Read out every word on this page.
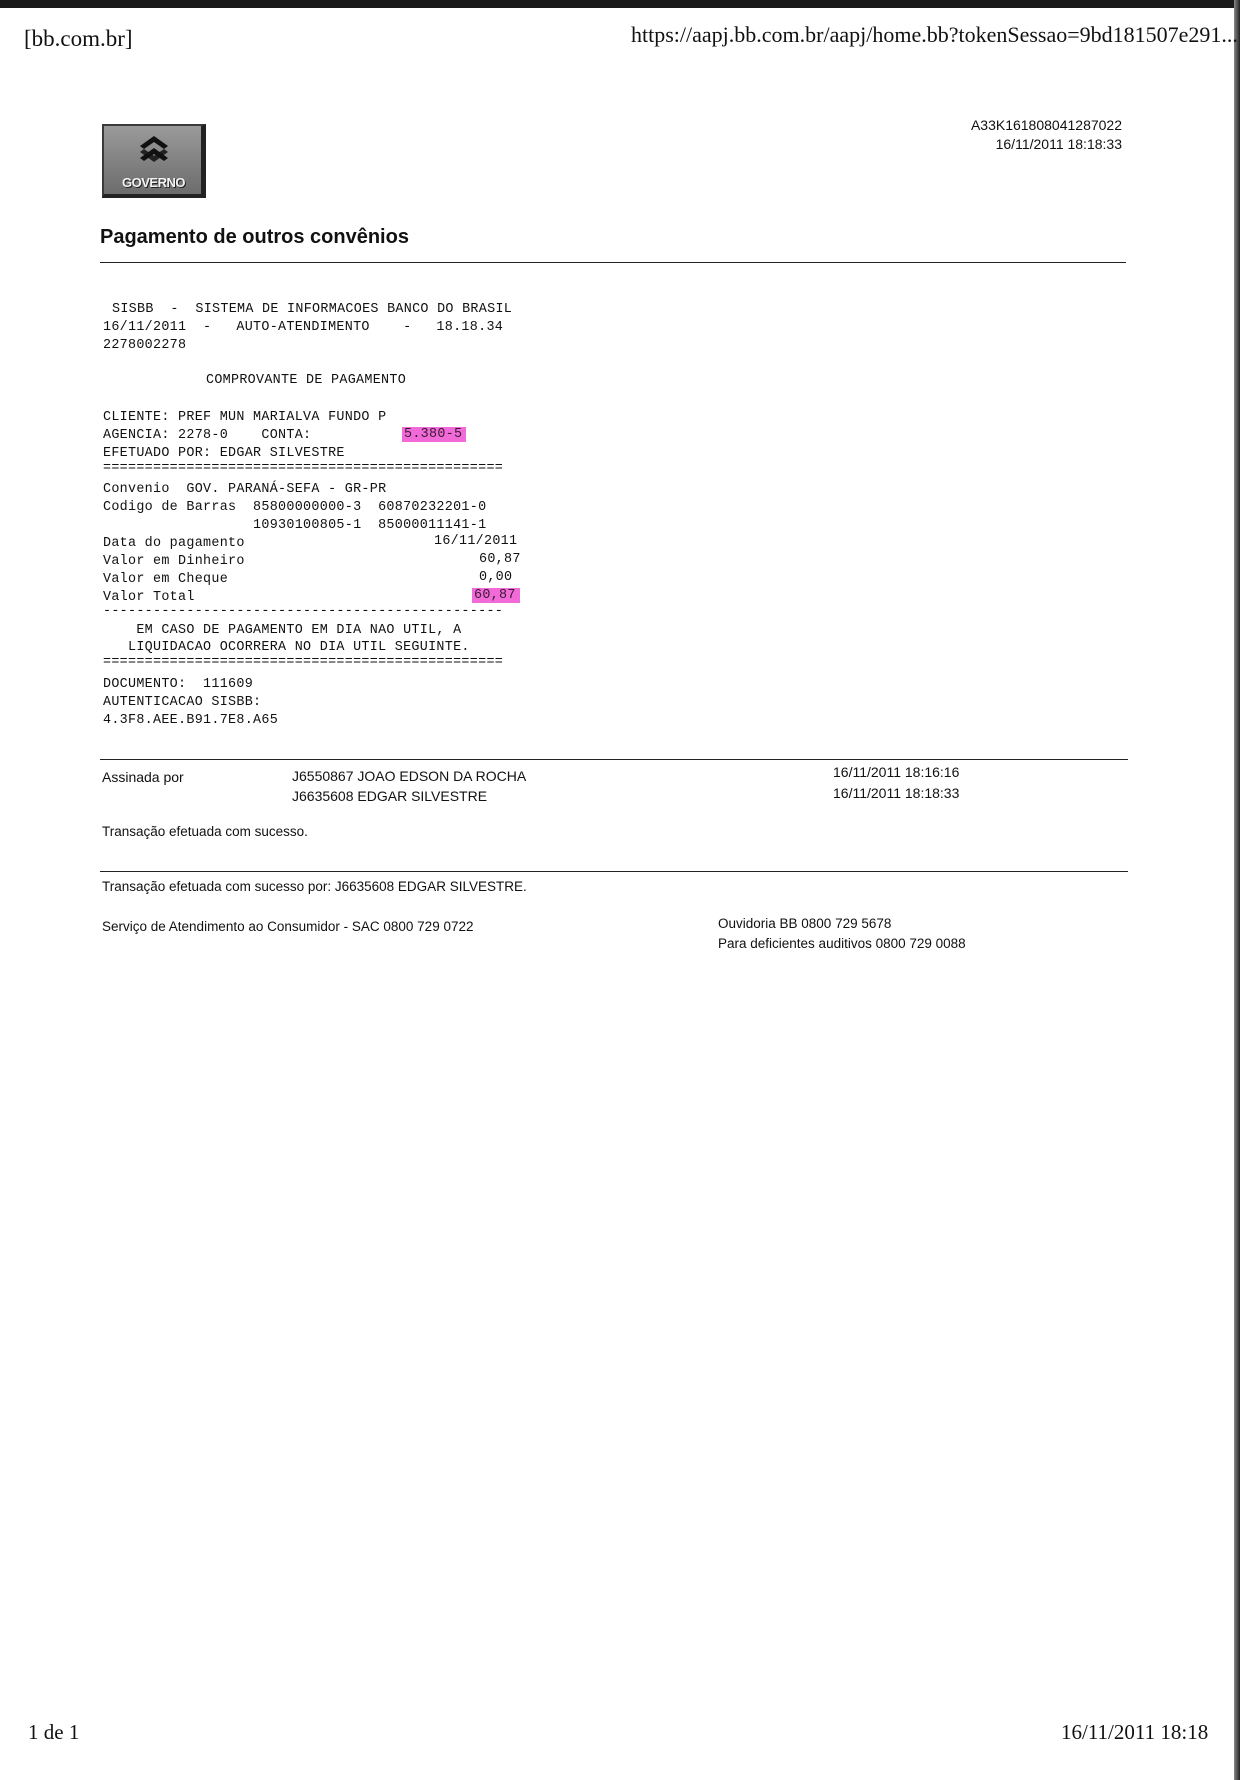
[bb.com.br]	https://aapj.bb.com.br/aapj/home.bb?tokenSessao=9bd181507e291...
GOVERNO
A33K161808041287022
16/11/2011 18:18:33
Pagamento de outros convênios
SISBB  -  SISTEMA DE INFORMACOES BANCO DO BRASIL
16/11/2011  -   AUTO-ATENDIMENTO    -   18.18.34
2278002278
COMPROVANTE DE PAGAMENTO
CLIENTE: PREF MUN MARIALVA FUNDO P
AGENCIA: 2278-0    CONTA:	5.380-5
EFETUADO POR: EDGAR SILVESTRE
================================================
Convenio  GOV. PARANÁ-SEFA - GR-PR
Codigo de Barras  85800000000-3  60870232201-0
10930100805-1  85000011141-1
Data do pagamento	16/11/2011
Valor em Dinheiro	60,87
Valor em Cheque	0,00
Valor Total	60,87
------------------------------------------------
EM CASO DE PAGAMENTO EM DIA NAO UTIL, A
LIQUIDACAO OCORRERA NO DIA UTIL SEGUINTE.
================================================
DOCUMENTO:  111609
AUTENTICACAO SISBB:
4.3F8.AEE.B91.7E8.A65
Assinada por	J6550867 JOAO EDSON DA ROCHA	16/11/2011 18:16:16
J6635608 EDGAR SILVESTRE	16/11/2011 18:18:33
Transação efetuada com sucesso.
Transação efetuada com sucesso por: J6635608 EDGAR SILVESTRE.
Serviço de Atendimento ao Consumidor - SAC 0800 729 0722	Ouvidoria BB 0800 729 5678
Para deficientes auditivos 0800 729 0088
1 de 1	16/11/2011 18:18
